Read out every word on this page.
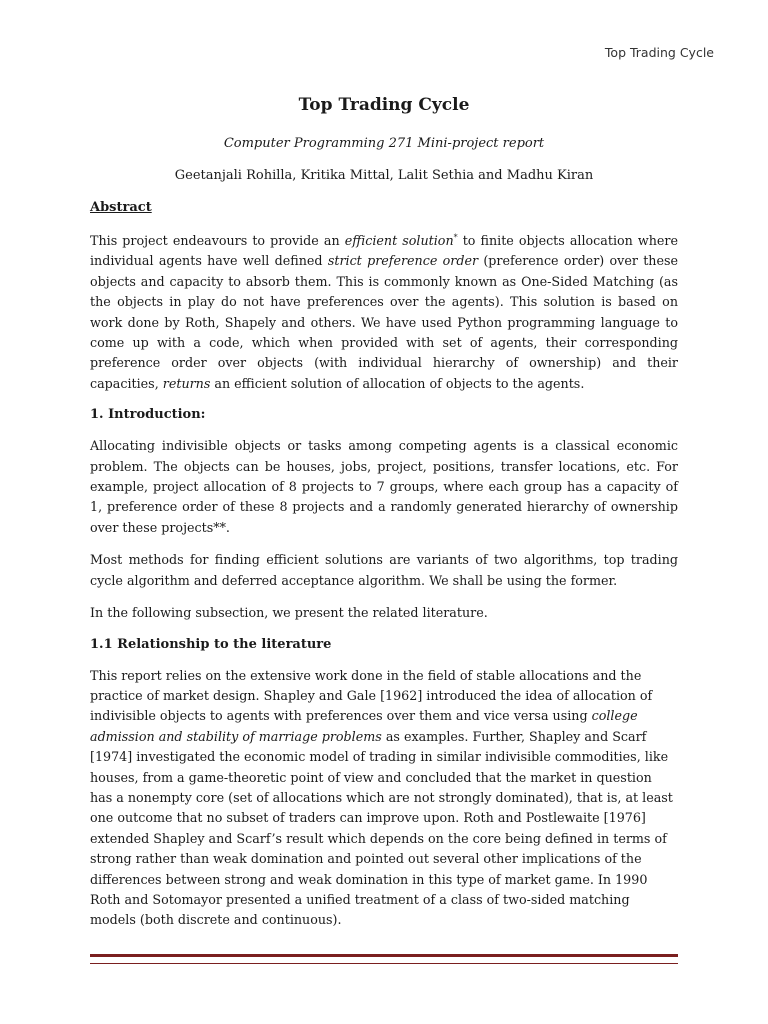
Top Trading Cycle
Top Trading Cycle
Computer Programming 271 Mini-project report
Geetanjali Rohilla, Kritika Mittal, Lalit Sethia and Madhu Kiran
Abstract

This project endeavours to provide an efficient solution* to finite objects allocation where individual agents have well defined strict preference order (preference order) over these objects and capacity to absorb them. This is commonly known as One-Sided Matching (as the objects in play do not have preferences over the agents). This solution is based on work done by Roth, Shapely and others. We have used Python programming language to come up with a code, which when provided with set of agents, their corresponding preference order over objects (with individual hierarchy of ownership) and their capacities, returns an efficient solution of allocation of objects to the agents.

1. Introduction:

Allocating indivisible objects or tasks among competing agents is a classical economic problem. The objects can be houses, jobs, project, positions, transfer locations, etc. For example, project allocation of 8 projects to 7 groups, where each group has a capacity of 1, preference order of these 8 projects and a randomly generated hierarchy of ownership over these projects**.

Most methods for finding efficient solutions are variants of two algorithms, top trading cycle algorithm and deferred acceptance algorithm. We shall be using the former.

In the following subsection, we present the related literature.

1.1 Relationship to the literature

This report relies on the extensive work done in the field of stable allocations and the practice of market design. Shapley and Gale [1962] introduced the idea of allocation of indivisible objects to agents with preferences over them and vice versa using college admission and stability of marriage problems as examples. Further, Shapley and Scarf [1974] investigated the economic model of trading in similar indivisible commodities, like houses, from a game-theoretic point of view and concluded that the market in question has a nonempty core (set of allocations which are not strongly dominated), that is, at least one outcome that no subset of traders can improve upon. Roth and Postlewaite [1976] extended Shapley and Scarf’s result which depends on the core being defined in terms of strong rather than weak domination and pointed out several other implications of the differences between strong and weak domination in this type of market game. In 1990 Roth and Sotomayor presented a unified treatment of a class of two-sided matching models (both discrete and continuous).
